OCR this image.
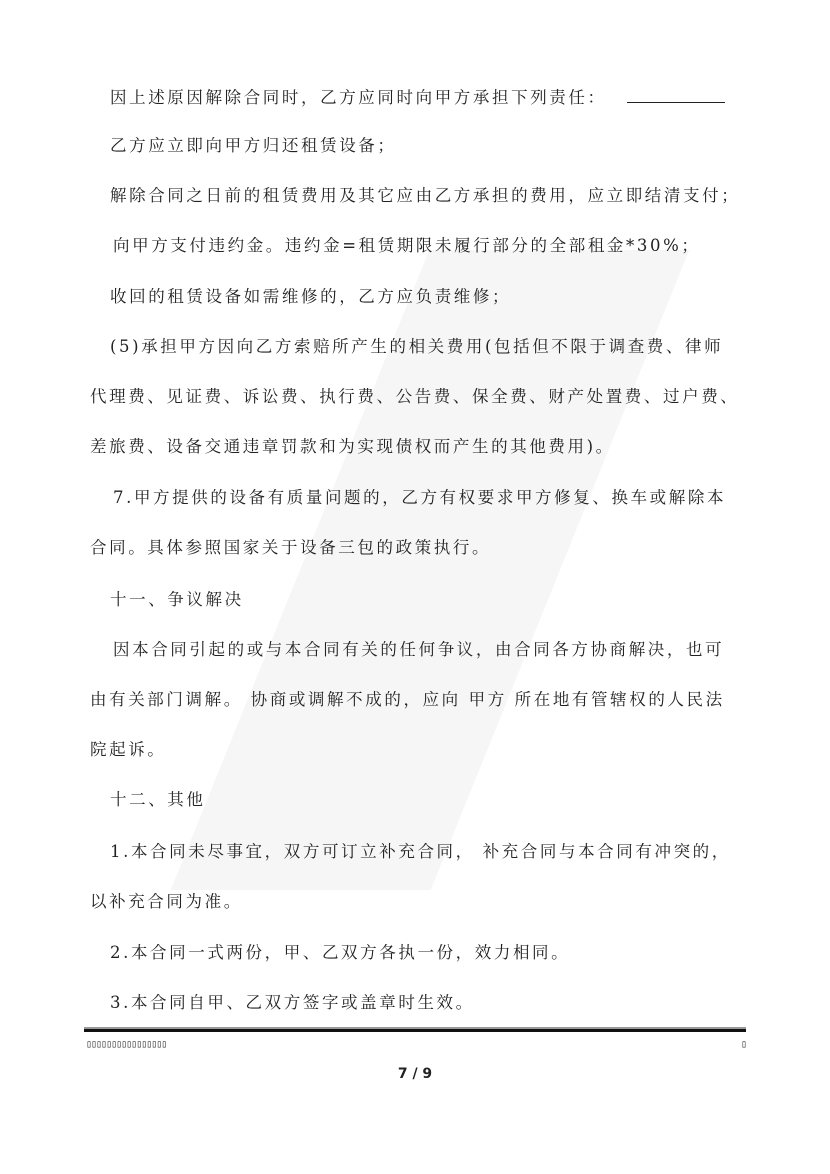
因上述原因解除合同时，乙方应同时向甲方承担下列责任：
乙方应立即向甲方归还租赁设备；
解除合同之日前的租赁费用及其它应由乙方承担的费用，应立即结清支付；
向甲方支付违约金。违约金=租赁期限未履行部分的全部租金*30%；
收回的租赁设备如需维修的，乙方应负责维修；
(5)承担甲方因向乙方索赔所产生的相关费用(包括但不限于调查费、律师
代理费、见证费、诉讼费、执行费、公告费、保全费、财产处置费、过户费、
差旅费、设备交通违章罚款和为实现债权而产生的其他费用)。
7.甲方提供的设备有质量问题的，乙方有权要求甲方修复、换车或解除本
合同。具体参照国家关于设备三包的政策执行。
十一、争议解决
因本合同引起的或与本合同有关的任何争议，由合同各方协商解决，也可
由有关部门调解。 协商或调解不成的，应向 甲方 所在地有管辖权的人民法
院起诉。
十二、其他
1.本合同未尽事宜，双方可订立补充合同， 补充合同与本合同有冲突的，
以补充合同为准。
2.本合同一式两份，甲、乙双方各执一份，效力相同。
3.本合同自甲、乙双方签字或盖章时生效。
▯▯▯▯▯▯▯▯▯▯▯▯▯▯▯▯	▯
7 / 9
